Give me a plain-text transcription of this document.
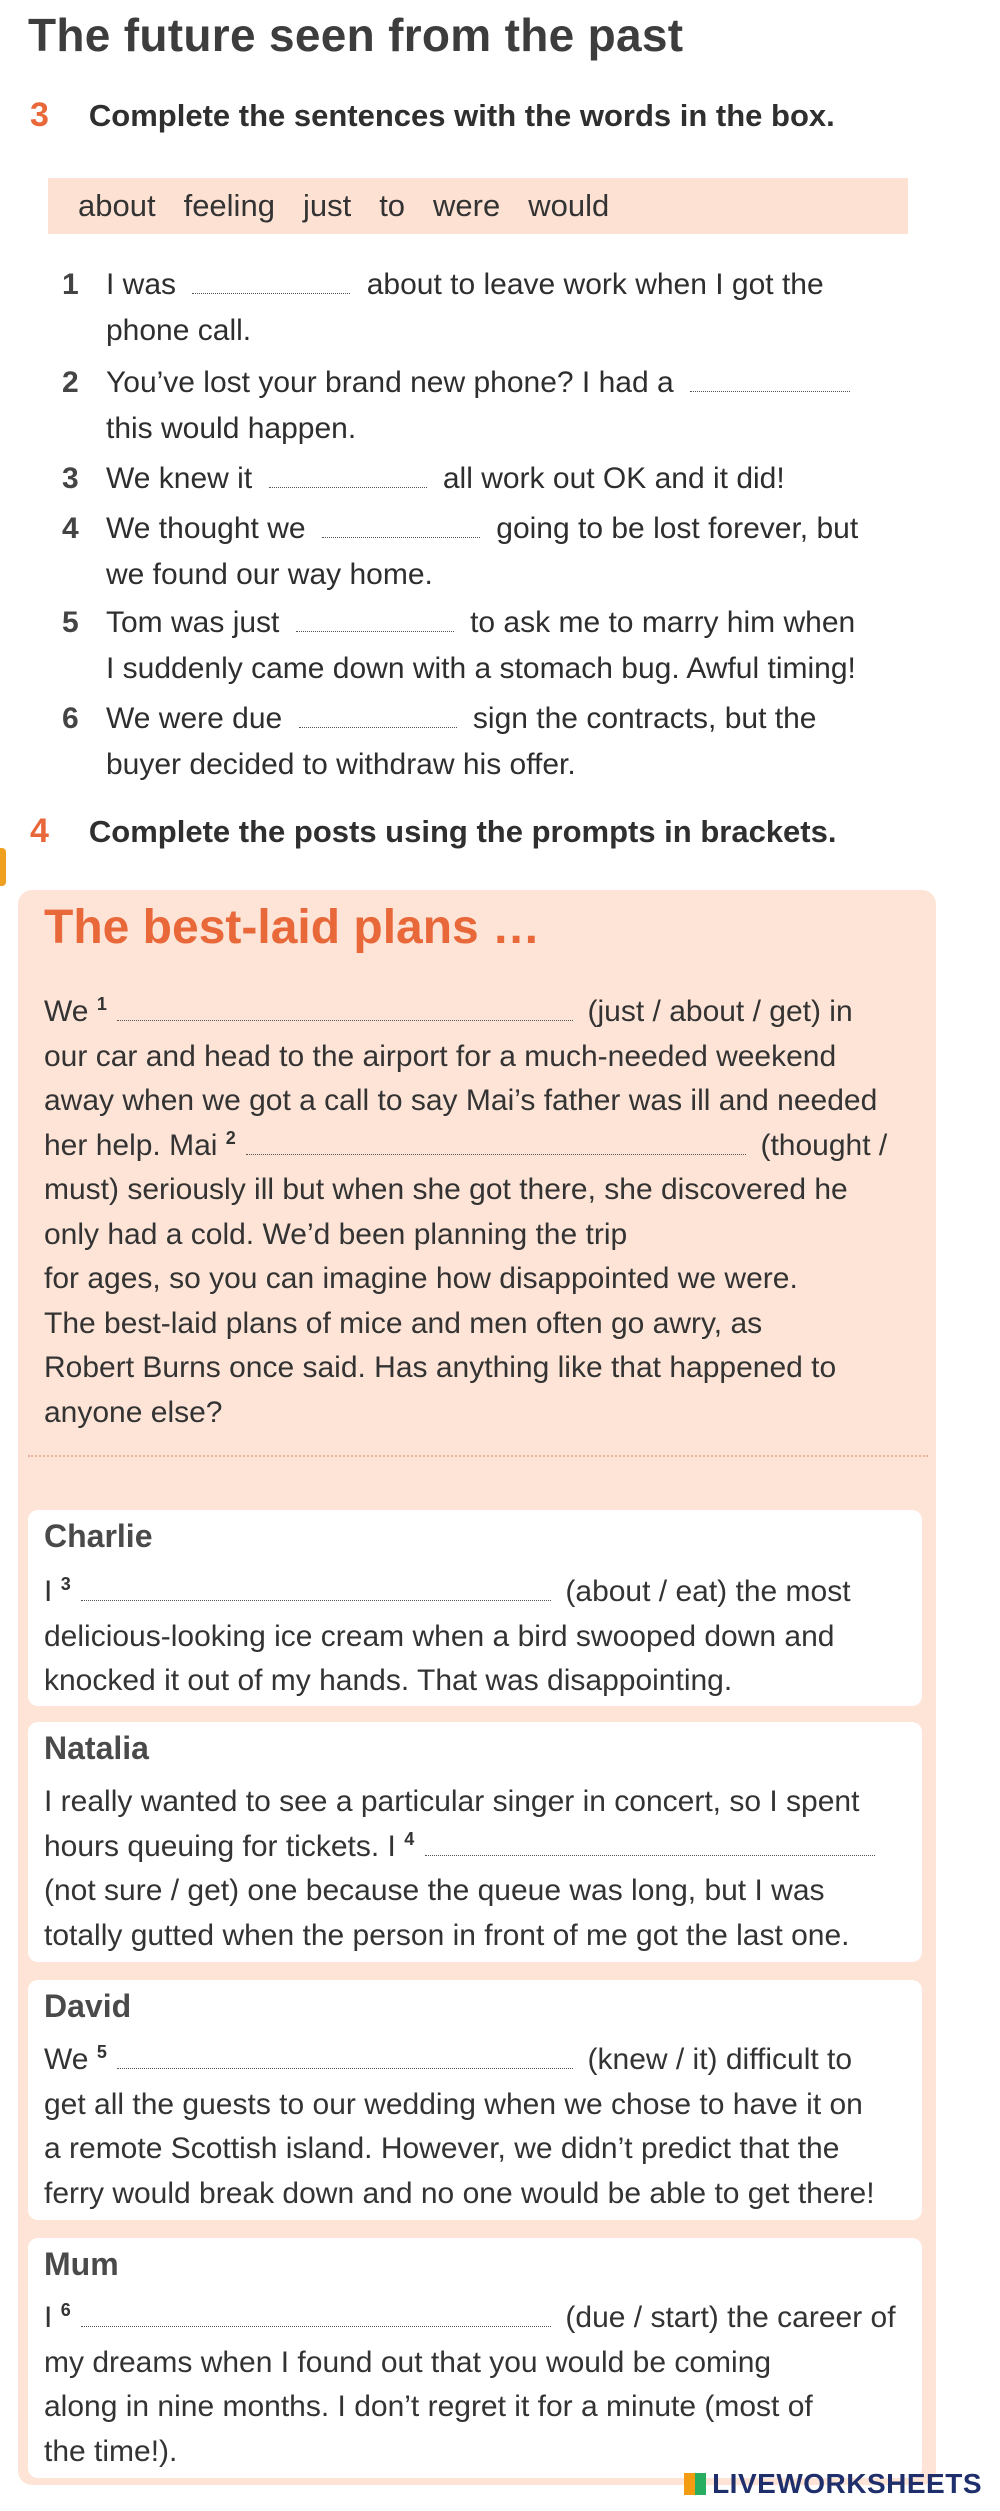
The future seen from the past
3 Complete the sentences with the words in the box.
about feeling just to were would
1 I was	about to leave work when I got the
phone call.
2 You’ve lost your brand new phone? I had a
this would happen.
3 We knew it	all work out OK and it did!
4 We thought we	going to be lost forever, but
we found our way home.
5 Tom was just	to ask me to marry him when
I suddenly came down with a stomach bug. Awful timing!
6 We were due	sign the contracts, but the
buyer decided to withdraw his offer.
4 Complete the posts using the prompts in brackets.
The best-laid plans …
We $^1$	(just / about / get) in
our car and head to the airport for a much-needed weekend
away when we got a call to say Mai’s father was ill and needed
her help. Mai $^2$	(thought /
must) seriously ill but when she got there, she discovered he
only had a cold. We’d been planning the trip
for ages, so you can imagine how disappointed we were.
The best-laid plans of mice and men often go awry, as
Robert Burns once said. Has anything like that happened to
anyone else?
Charlie
I $^3$	(about / eat) the most
delicious-looking ice cream when a bird swooped down and
knocked it out of my hands. That was disappointing.
Natalia
I really wanted to see a particular singer in concert, so I spent
hours queuing for tickets. I $^4$
(not sure / get) one because the queue was long, but I was
totally gutted when the person in front of me got the last one.
David
We $^5$	(knew / it) difficult to
get all the guests to our wedding when we chose to have it on
a remote Scottish island. However, we didn’t predict that the
ferry would break down and no one would be able to get there!
Mum
I $^6$	(due / start) the career of
my dreams when I found out that you would be coming
along in nine months. I don’t regret it for a minute (most of
the time!).
LIVEWORKSHEETS
